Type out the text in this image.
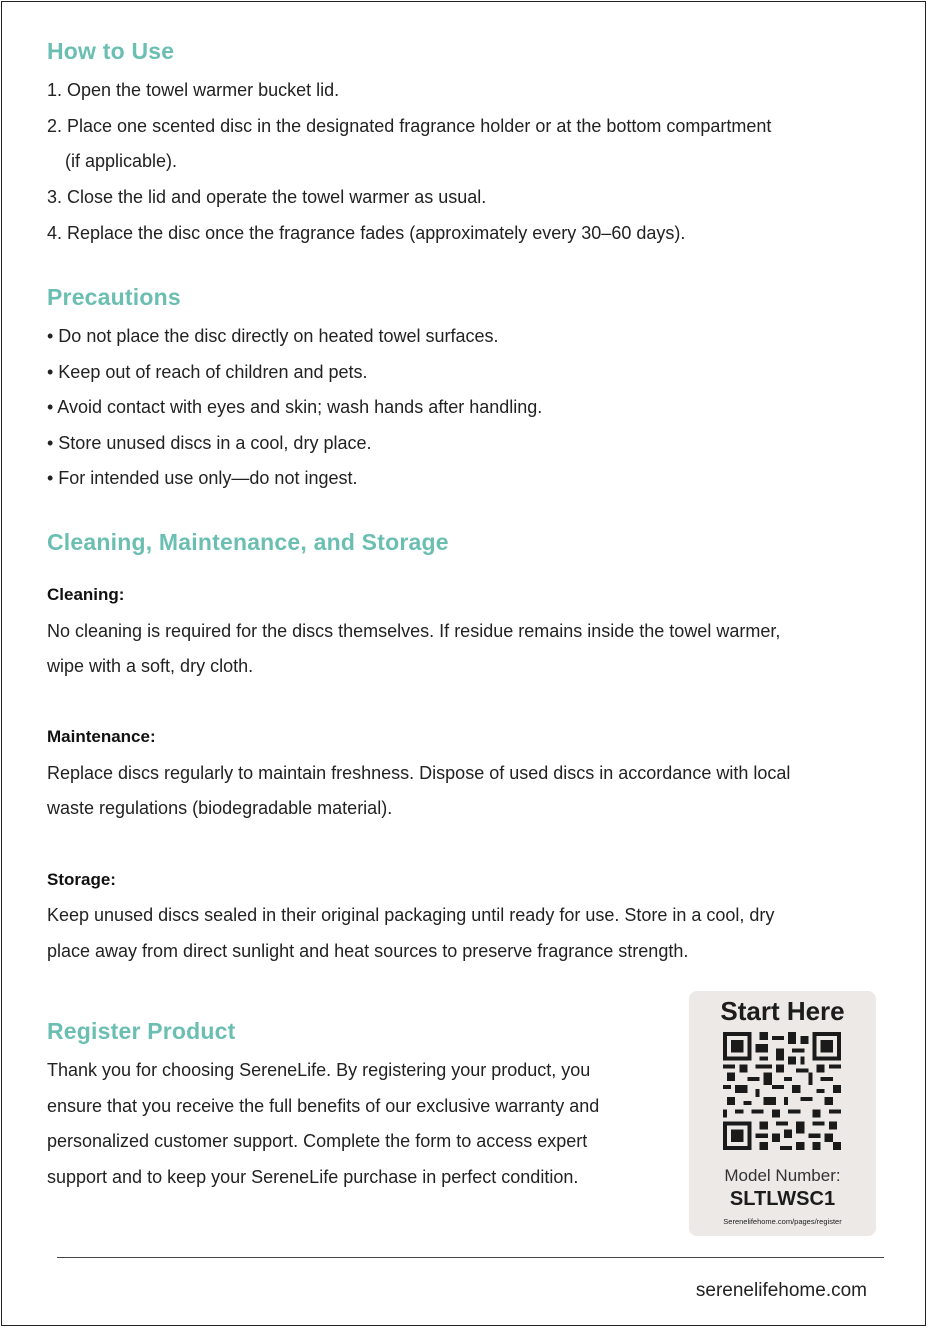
How to Use
1. Open the towel warmer bucket lid.
2. Place one scented disc in the designated fragrance holder or at the bottom compartment
(if applicable).
3. Close the lid and operate the towel warmer as usual.
4. Replace the disc once the fragrance fades (approximately every 30–60 days).
Precautions
• Do not place the disc directly on heated towel surfaces.
• Keep out of reach of children and pets.
• Avoid contact with eyes and skin; wash hands after handling.
• Store unused discs in a cool, dry place.
• For intended use only—do not ingest.
Cleaning, Maintenance, and Storage
Cleaning:
No cleaning is required for the discs themselves. If residue remains inside the towel warmer,
wipe with a soft, dry cloth.
Maintenance:
Replace discs regularly to maintain freshness. Dispose of used discs in accordance with local
waste regulations (biodegradable material).
Storage:
Keep unused discs sealed in their original packaging until ready for use. Store in a cool, dry
place away from direct sunlight and heat sources to preserve fragrance strength.
Register Product
Thank you for choosing SereneLife. By registering your product, you
ensure that you receive the full benefits of our exclusive warranty and
personalized customer support. Complete the form to access expert
support and to keep your SereneLife purchase in perfect condition.
Start Here
Model Number:
SLTLWSC1
Serenelifehome.com/pages/register
serenelifehome.com
